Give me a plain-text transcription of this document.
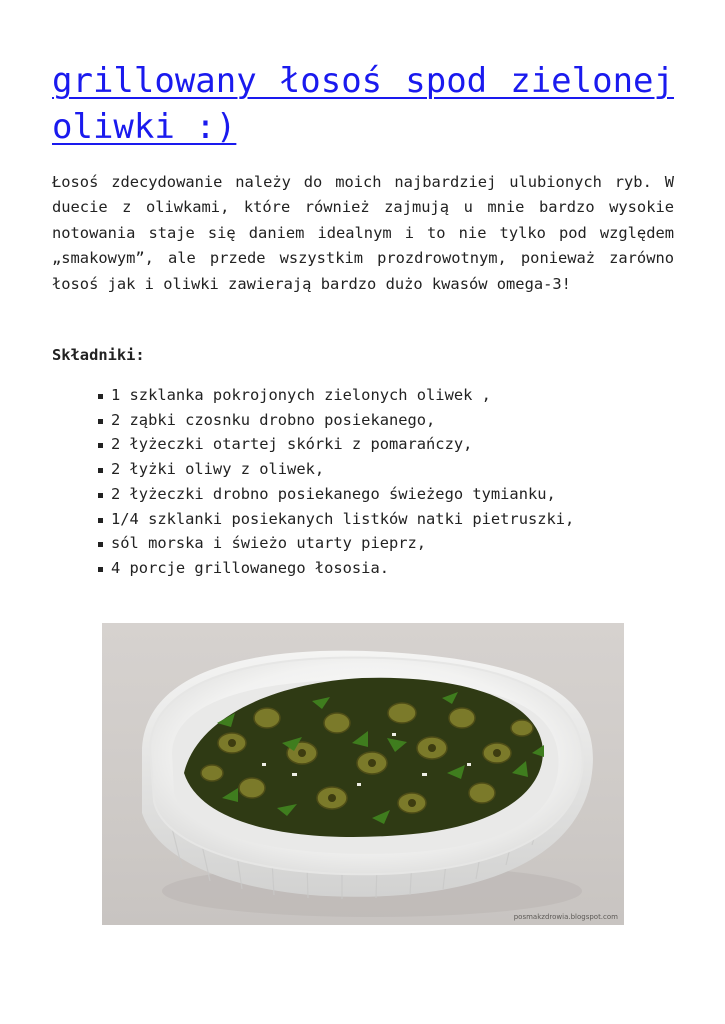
grillowany łosoś spod zielonej oliwki :)

Łosoś zdecydowanie należy do moich najbardziej ulubionych ryb. W duecie z oliwkami, które również zajmują u mnie bardzo wysokie notowania staje się daniem idealnym i to nie tylko pod względem „smakowym”, ale przede wszystkim prozdrowotnym, ponieważ zarówno łosoś jak i oliwki zawierają bardzo dużo kwasów omega-3!

Składniki:

1 szklanka pokrojonych zielonych oliwek ,
2 ząbki czosnku drobno posiekanego,
2 łyżeczki otartej skórki z pomarańczy,
2 łyżki oliwy z oliwek,
2 łyżeczki drobno posiekanego świeżego tymianku,
1/4 szklanki posiekanych listków natki pietruszki,
sól morska i świeżo utarty pieprz,
4 porcje grillowanego łososia.
posmakzdrowia.blogspot.com
